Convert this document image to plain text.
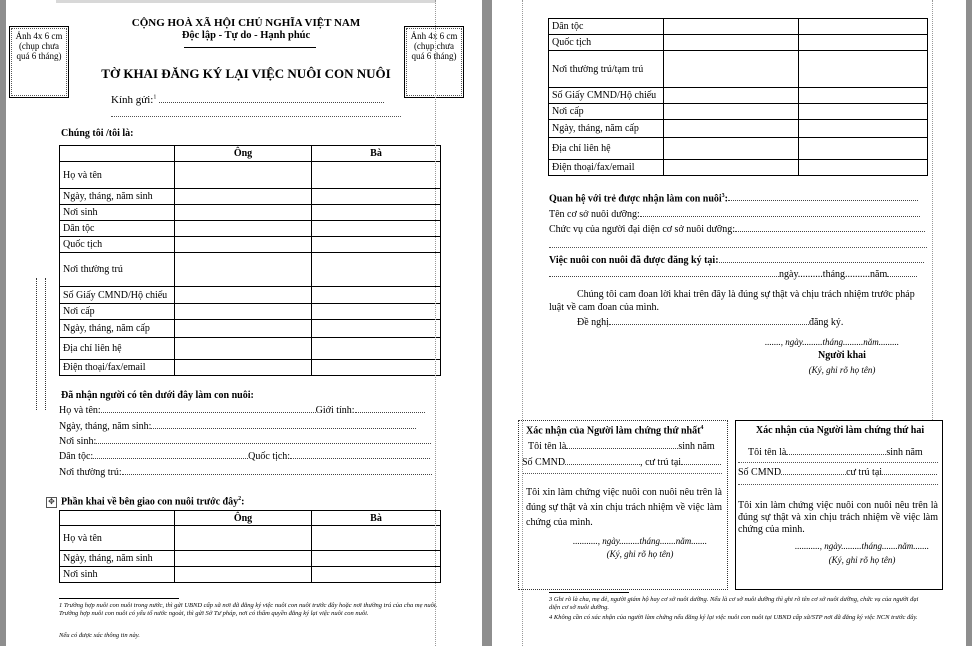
Ảnh 4x 6 cm (chụp chưa quá 6 tháng)
Ảnh 4x 6 cm (chụp chưa quá 6 tháng)
CỘNG HOÀ XÃ HỘI CHỦ NGHĨA VIỆT NAM
Độc lập - Tự do - Hạnh phúc
TỜ KHAI ĐĂNG KÝ LẠI VIỆC NUÔI CON NUÔI
Kính gửi:$^1$
Chúng tôi /tôi là:
	Ông	Bà
Họ và tên		
Ngày, tháng, năm sinh		
Nơi sinh		
Dân tộc		
Quốc tịch		
Nơi thường trú		
Số Giấy CMND/Hộ chiếu		
Nơi cấp		
Ngày, tháng, năm cấp		
Địa chỉ liên hệ		
Điện thoại/fax/email		
Đã nhận người có tên dưới đây làm con nuôi:
Họ và tên:	Giới tính:
Ngày, tháng, năm sinh:
Nơi sinh:
Dân tộc:	Quốc tịch:
Nơi thường trú:
✥ Phần khai về bên giao con nuôi trước đây$^2$:
	Ông	Bà
Họ và tên		
Ngày, tháng, năm sinh		
Nơi sinh		
1 Trường hợp nuôi con nuôi trong nước, thì gửi UBND cấp xã nơi đã đăng ký việc nuôi con nuôi trước đây hoặc nơi thường trú của cha mẹ nuôi. Trường hợp nuôi con nuôi có yếu tố nước ngoài, thì gửi Sở Tư pháp, nơi có thẩm quyền đăng ký lại việc nuôi con nuôi.
Nếu có được xác thông tin này.
Dân tộc		
Quốc tịch		
Nơi thường trú/tạm trú		
Số Giấy CMND/Hộ chiếu		
Nơi cấp		
Ngày, tháng, năm cấp		
Địa chỉ liên hệ		
Điện thoại/fax/email		
Quan hệ với trẻ được nhận làm con nuôi$^3$:
Tên cơ sở nuôi dưỡng:
Chức vụ của người đại diện cơ sở nuôi dưỡng:
Việc nuôi con nuôi đã được đăng ký tại:
ngày..........tháng..........năm
Chúng tôi cam đoan lời khai trên đây là đúng sự thật và chịu trách nhiệm trước pháp luật về cam đoan của mình.
Đề nghị	đăng ký.
......., ngày.........tháng.........năm.........
Người khai
(Ký, ghi rõ họ tên)
Xác nhận của Người làm chứng thứ nhất$^4$
Tôi tên là	sinh năm
Số CMND	, cư trú tại
Tôi xin làm chứng việc nuôi con nuôi nêu trên là đúng sự thật và xin chịu trách nhiệm về việc làm chứng của mình.
..........., ngày.........tháng.......năm.......
(Ký, ghi rõ họ tên)
Xác nhận của Người làm chứng thứ hai
Tôi tên là	sinh năm
Số CMND	cư trú tại
Tôi xin làm chứng việc nuôi con nuôi nêu trên là đúng sự thật và xin chịu trách nhiệm về việc làm chứng của mình.
..........., ngày.........tháng.......năm.......
(Ký, ghi rõ họ tên)
3 Ghi rõ là cha, mẹ đẻ, người giám hộ hay cơ sở nuôi dưỡng. Nếu là cơ sở nuôi dưỡng thì ghi rõ tên cơ sở nuôi dưỡng, chức vụ của người đại diện cơ sở nuôi dưỡng.
4 Không cần có xác nhận của người làm chứng nếu đăng ký lại việc nuôi con nuôi tại UBND cấp xã/STP nơi đã đăng ký việc NCN trước đây.
